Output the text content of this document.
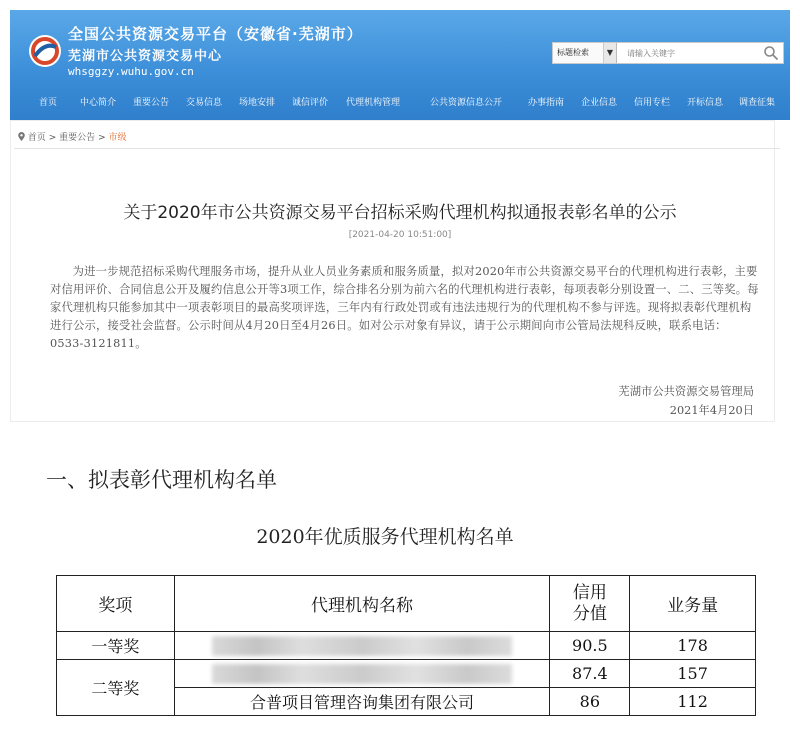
全国公共资源交易平台（安徽省·芜湖市）
芜湖市公共资源交易中心
whsggzy.wuhu.gov.cn
标题检索	▼
请输入关键字
首页	中心简介 重要公告 交易信息 场地安排 诚信评价 代理机构管理	公共资源信息公开	办事指南 企业信息 信用专栏 开标信息 调查征集
首页 > 重要公告 > 市级
关于2020年市公共资源交易平台招标采购代理机构拟通报表彰名单的公示
[2021-04-20 10:51:00]
为进一步规范招标采购代理服务市场，提升从业人员业务素质和服务质量，拟对2020年市公共资源交易平台的代理机构进行表彰，主要对信用评价、合同信息公开及履约信息公开等3项工作，综合排名分别为前六名的代理机构进行表彰，每项表彰分别设置一、二、三等奖。每家代理机构只能参加其中一项表彰项目的最高奖项评选，三年内有行政处罚或有违法违规行为的代理机构不参与评选。现将拟表彰代理机构进行公示，接受社会监督。公示时间从4月20日至4月26日。如对公示对象有异议，请于公示期间向市公管局法规科反映，联系电话：0533-3121811。
芜湖市公共资源交易管理局
2021年4月20日
一、拟表彰代理机构名单
2020年优质服务代理机构名单
奖项	代理机构名称	信用分值	业务量
一等奖		90.5	178
二等奖		87.4	157
	合普项目管理咨询集团有限公司	86	112
